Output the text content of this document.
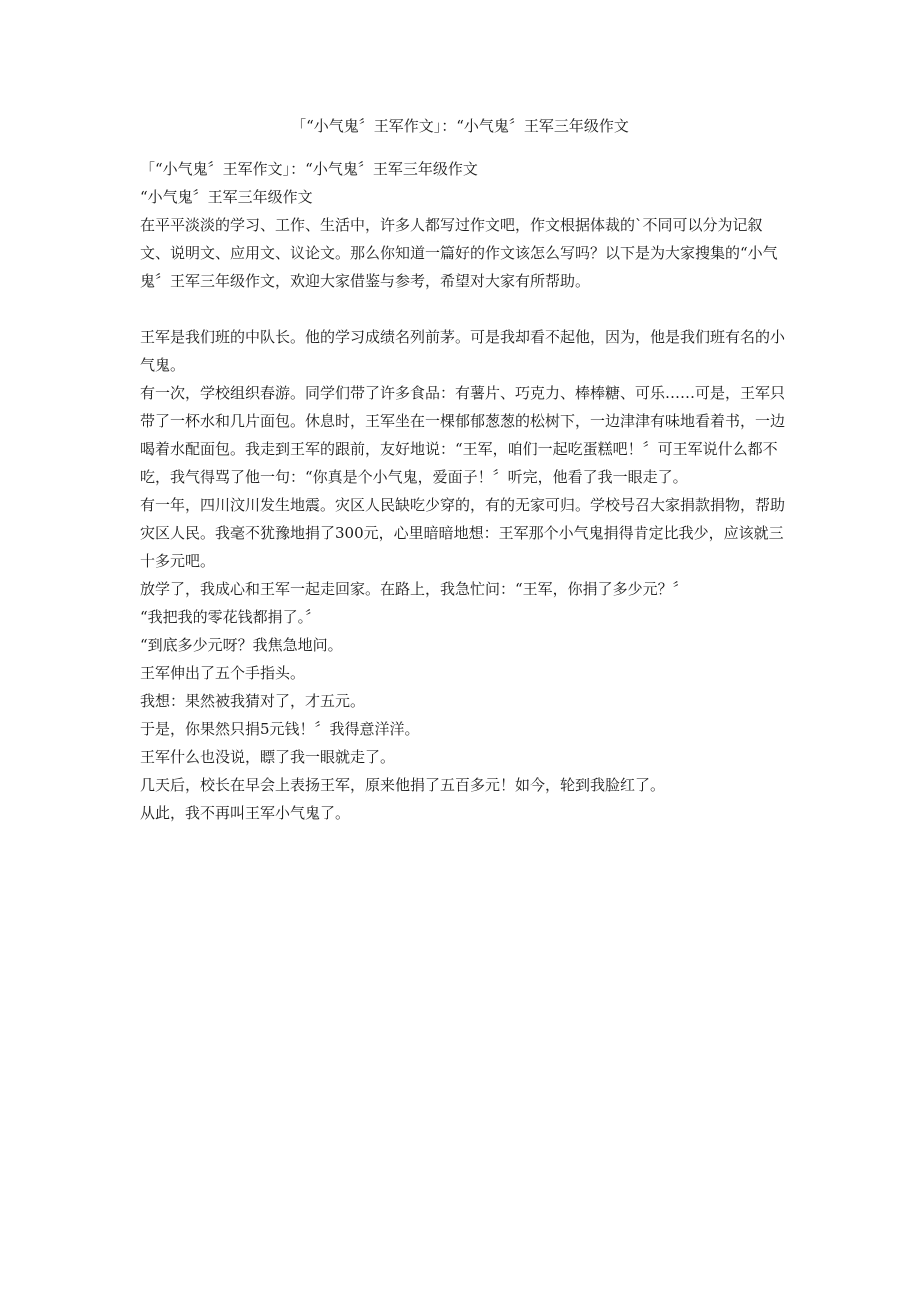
「“小气鬼〞王军作文」：“小气鬼〞王军三年级作文

「“小气鬼〞王军作文」：“小气鬼〞王军三年级作文

“小气鬼〞王军三年级作文

在平平淡淡的学习、工作、生活中，许多人都写过作文吧，作文根据体裁的`不同可以分为记叙文、说明文、应用文、议论文。那么你知道一篇好的作文该怎么写吗？以下是为大家搜集的“小气鬼〞王军三年级作文，欢迎大家借鉴与参考，希望对大家有所帮助。

王军是我们班的中队长。他的学习成绩名列前茅。可是我却看不起他，因为，他是我们班有名的小气鬼。

有一次，学校组织春游。同学们带了许多食品：有薯片、巧克力、棒棒糖、可乐……可是，王军只带了一杯水和几片面包。休息时，王军坐在一棵郁郁葱葱的松树下，一边津津有味地看着书，一边喝着水配面包。我走到王军的跟前，友好地说：“王军，咱们一起吃蛋糕吧！〞可王军说什么都不吃，我气得骂了他一句：“你真是个小气鬼，爱面子！〞听完，他看了我一眼走了。

有一年，四川汶川发生地震。灾区人民缺吃少穿的，有的无家可归。学校号召大家捐款捐物，帮助灾区人民。我毫不犹豫地捐了300元，心里暗暗地想：王军那个小气鬼捐得肯定比我少，应该就三十多元吧。

放学了，我成心和王军一起走回家。在路上，我急忙问：“王军，你捐了多少元？〞

“我把我的零花钱都捐了。〞

“到底多少元呀？我焦急地问。

王军伸出了五个手指头。

我想：果然被我猜对了，才五元。

于是，你果然只捐5元钱！〞我得意洋洋。

王军什么也没说，瞟了我一眼就走了。

几天后，校长在早会上表扬王军，原来他捐了五百多元！如今，轮到我脸红了。

从此，我不再叫王军小气鬼了。
